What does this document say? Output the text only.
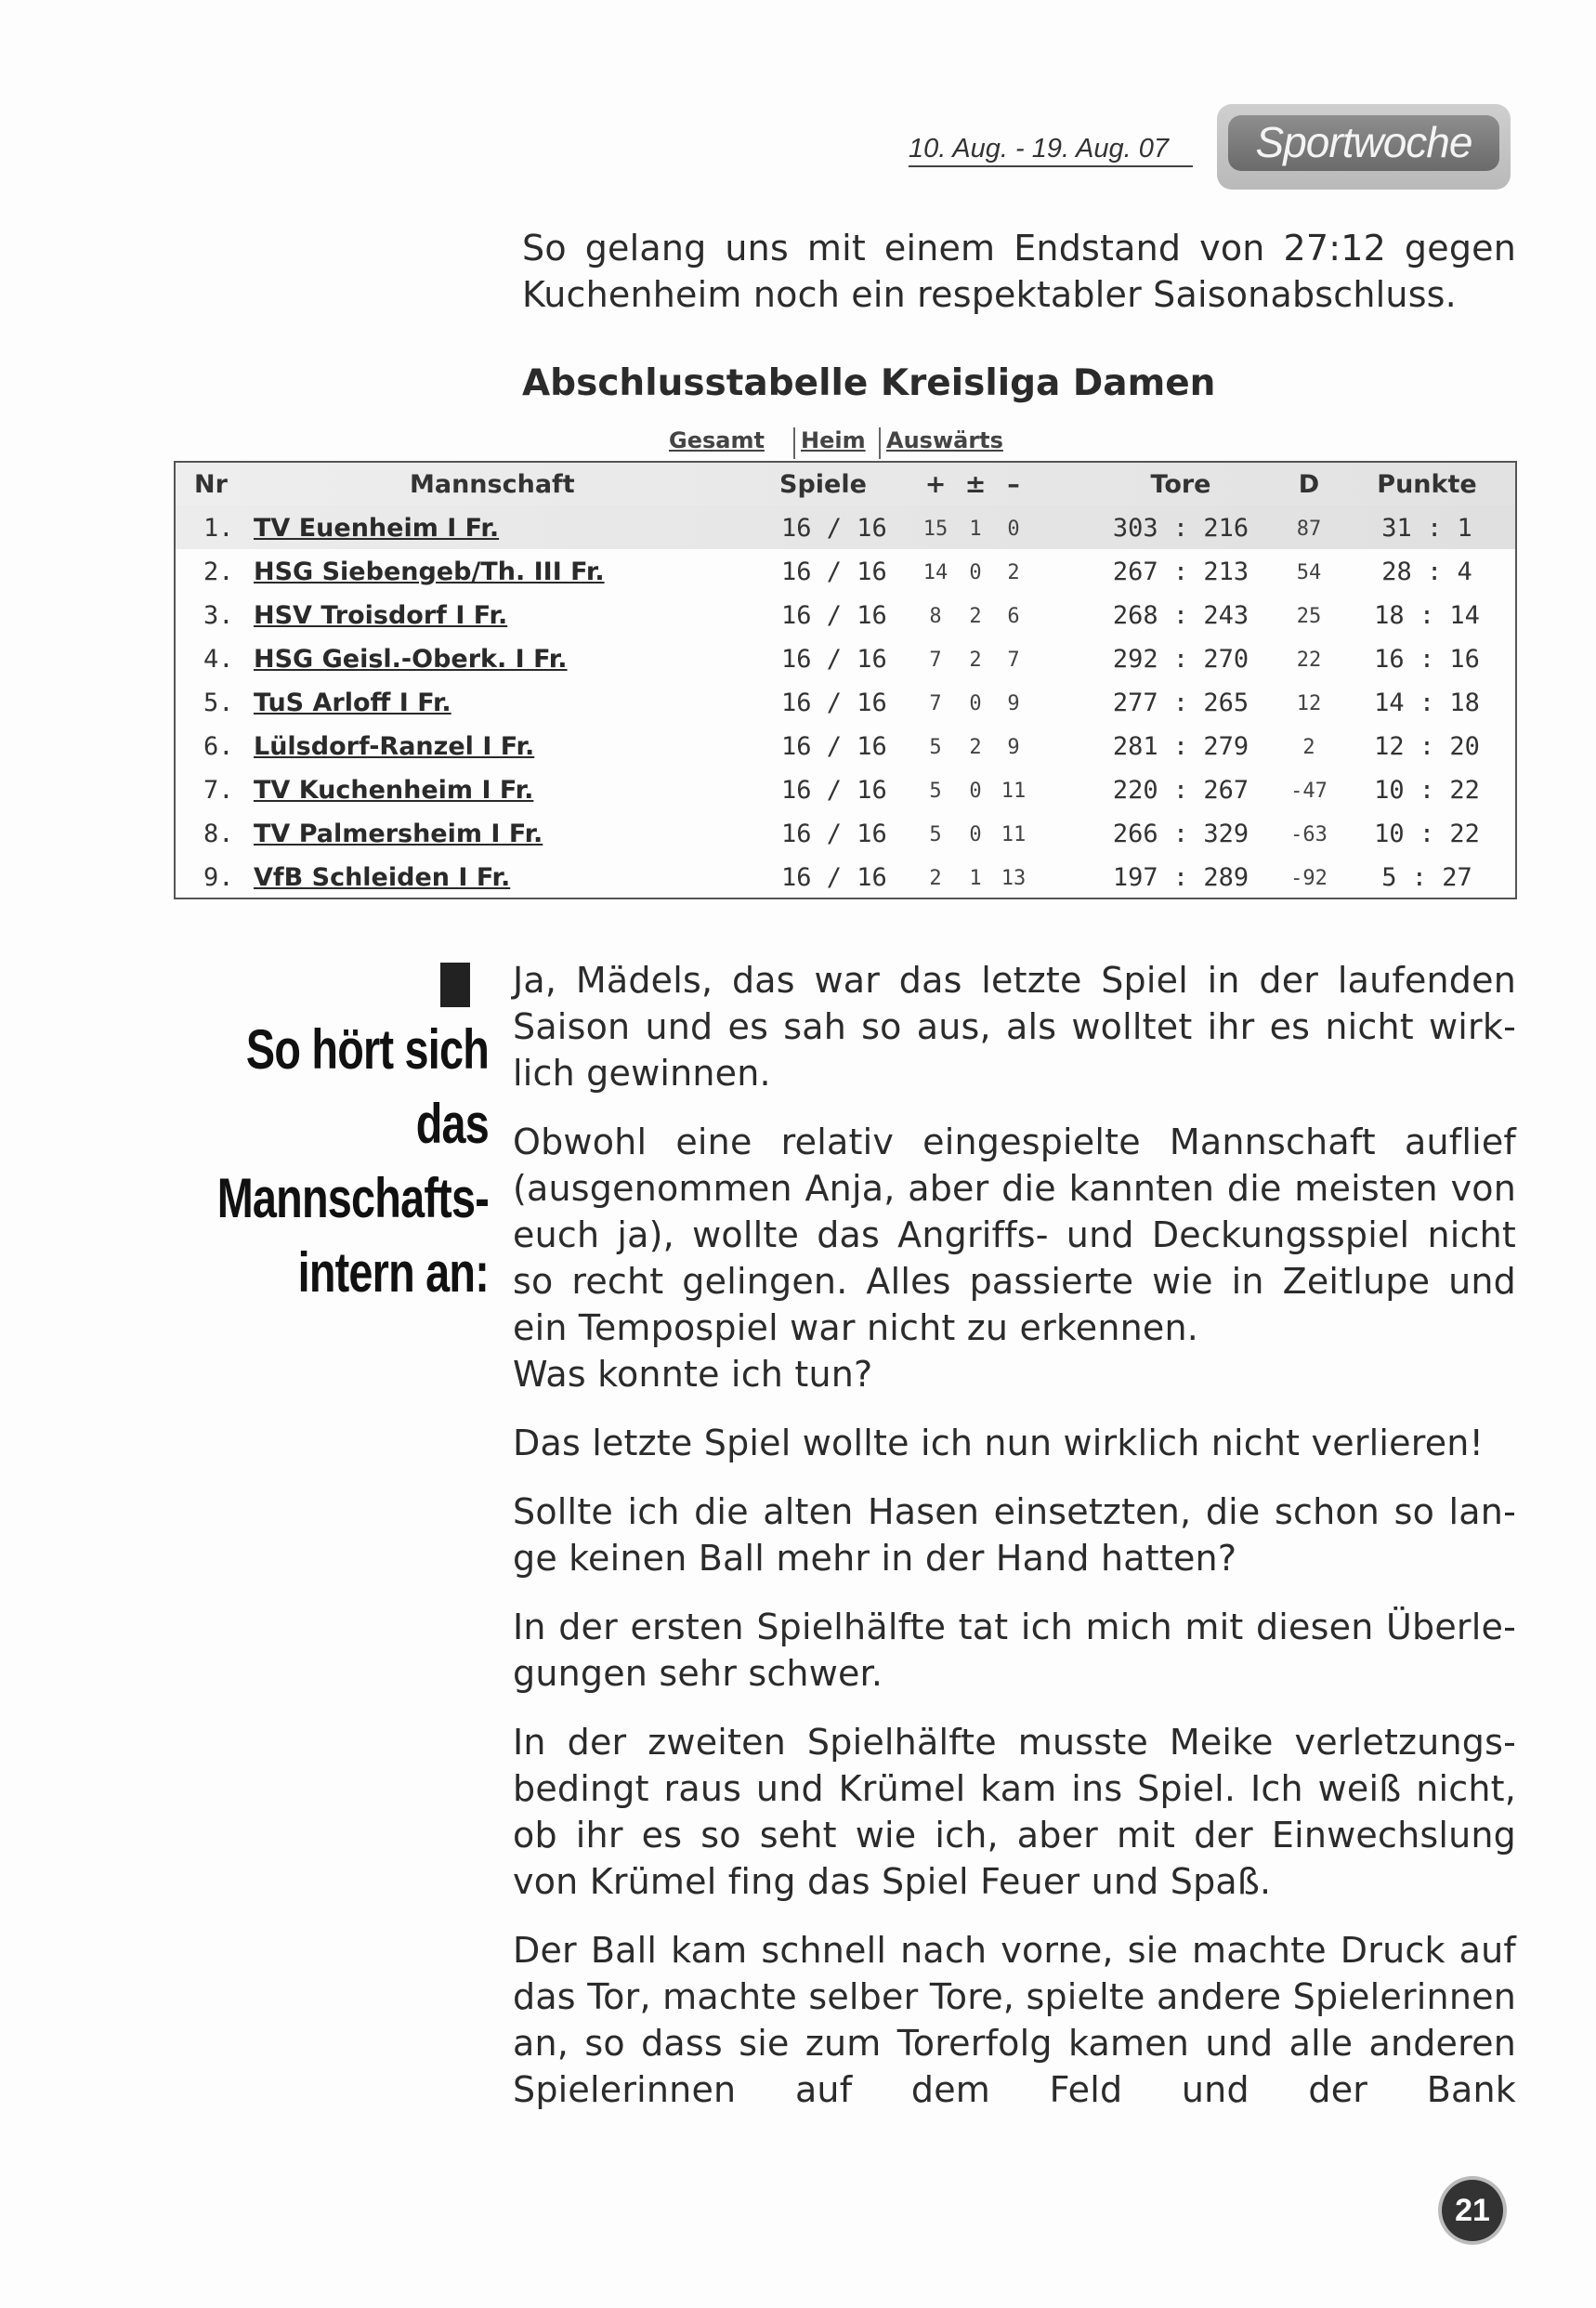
10. Aug. - 19. Aug. 07	Sportwoche
So gelang uns mit einem Endstand von 27:12 gegen Kuchenheim noch ein respektabler Saisonabschluss.
Abschlusstabelle Kreisliga Damen
Gesamt Heim Auswärts
Nr	Mannschaft	Spiele	+ ± –	Tore	D	Punkte
1. TV Euenheim I Fr.	16 / 16	15	1	0	303 : 216	87	31 : 1
2. HSG Siebengeb/Th. III Fr.	16 / 16	14	0	2	267 : 213	54	28 : 4
3. HSV Troisdorf I Fr.	16 / 16	8	2	6	268 : 243	25	18 : 14
4. HSG Geisl.-Oberk. I Fr.	16 / 16	7	2	7	292 : 270	22	16 : 16
5. TuS Arloff I Fr.	16 / 16	7	0	9	277 : 265	12	14 : 18
6. Lülsdorf-Ranzel I Fr.	16 / 16	5	2	9	281 : 279	2	12 : 20
7. TV Kuchenheim I Fr.	16 / 16	5	0 11	220 : 267	-47	10 : 22
8. TV Palmersheim I Fr.	16 / 16	5	0 11	266 : 329	-63	10 : 22
9. VfB Schleiden I Fr.	16 / 16	2	1 13	197 : 289	-92	5 : 27
So hört sich das
Mannschafts-
intern an:

Ja, Mädels, das war das letzte Spiel in der laufenden Saison und es sah so aus, als wolltet ihr es nicht wirk-lich gewinnen.

Obwohl eine relativ eingespielte Mannschaft auflief (ausgenommen Anja, aber die kannten die meisten von euch ja), wollte das Angriffs- und Deckungsspiel nicht so recht gelingen. Alles passierte wie in Zeitlupe und ein Tempospiel war nicht zu erkennen.

Was konnte ich tun?

Das letzte Spiel wollte ich nun wirklich nicht verlieren!

Sollte ich die alten Hasen einsetzten, die schon so lan-ge keinen Ball mehr in der Hand hatten?

In der ersten Spielhälfte tat ich mich mit diesen Überle-gungen sehr schwer.

In der zweiten Spielhälfte musste Meike verletzungs-bedingt raus und Krümel kam ins Spiel. Ich weiß nicht, ob ihr es so seht wie ich, aber mit der Einwechslung von Krümel fing das Spiel Feuer und Spaß.

Der Ball kam schnell nach vorne, sie machte Druck auf das Tor, machte selber Tore, spielte andere Spielerinnen an, so dass sie zum Torerfolg kamen und alle anderen Spielerinnen auf dem Feld und der Bank

21
